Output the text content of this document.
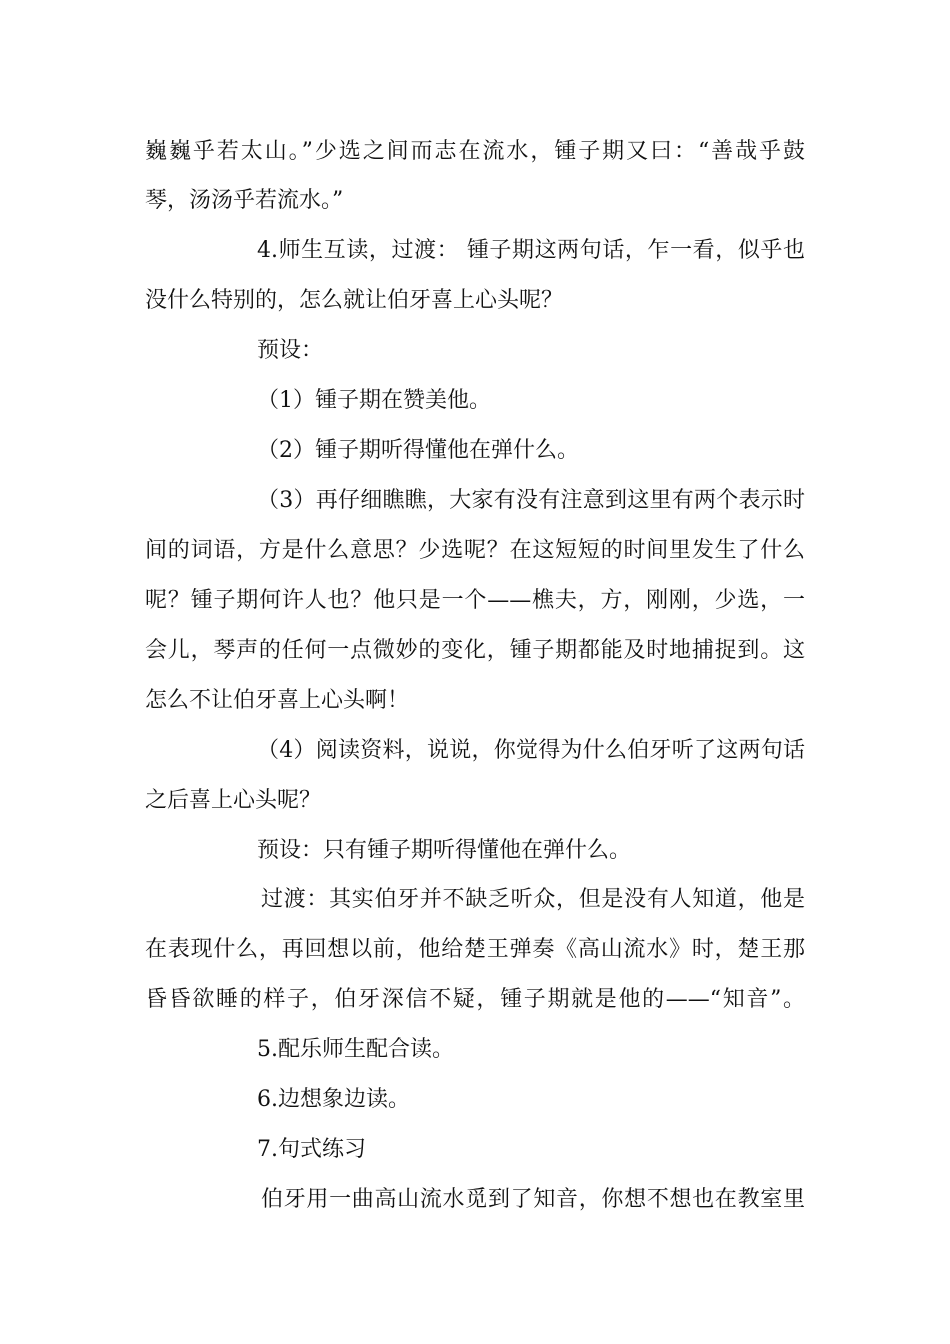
巍巍乎若太山。”少选之间而志在流水，锺子期又曰：“善哉乎鼓
琴，汤汤乎若流水。”
4.师生互读，过渡： 锺子期这两句话，乍一看，似乎也
没什么特别的，怎么就让伯牙喜上心头呢？
预设：
（1）锺子期在赞美他。
（2）锺子期听得懂他在弹什么。
（3）再仔细瞧瞧，大家有没有注意到这里有两个表示时
间的词语，方是什么意思？少选呢？在这短短的时间里发生了什么
呢？锺子期何许人也？他只是一个——樵夫，方，刚刚，少选，一
会儿，琴声的任何一点微妙的变化，锺子期都能及时地捕捉到。这
怎么不让伯牙喜上心头啊！
（4）阅读资料，说说，你觉得为什么伯牙听了这两句话
之后喜上心头呢？
预设：只有锺子期听得懂他在弹什么。
过渡：其实伯牙并不缺乏听众，但是没有人知道，他是
在表现什么，再回想以前，他给楚王弹奏《高山流水》时，楚王那
昏昏欲睡的样子，伯牙深信不疑，锺子期就是他的——“知音”。
5.配乐师生配合读。
6.边想象边读。
7.句式练习
伯牙用一曲高山流水觅到了知音，你想不想也在教室里
